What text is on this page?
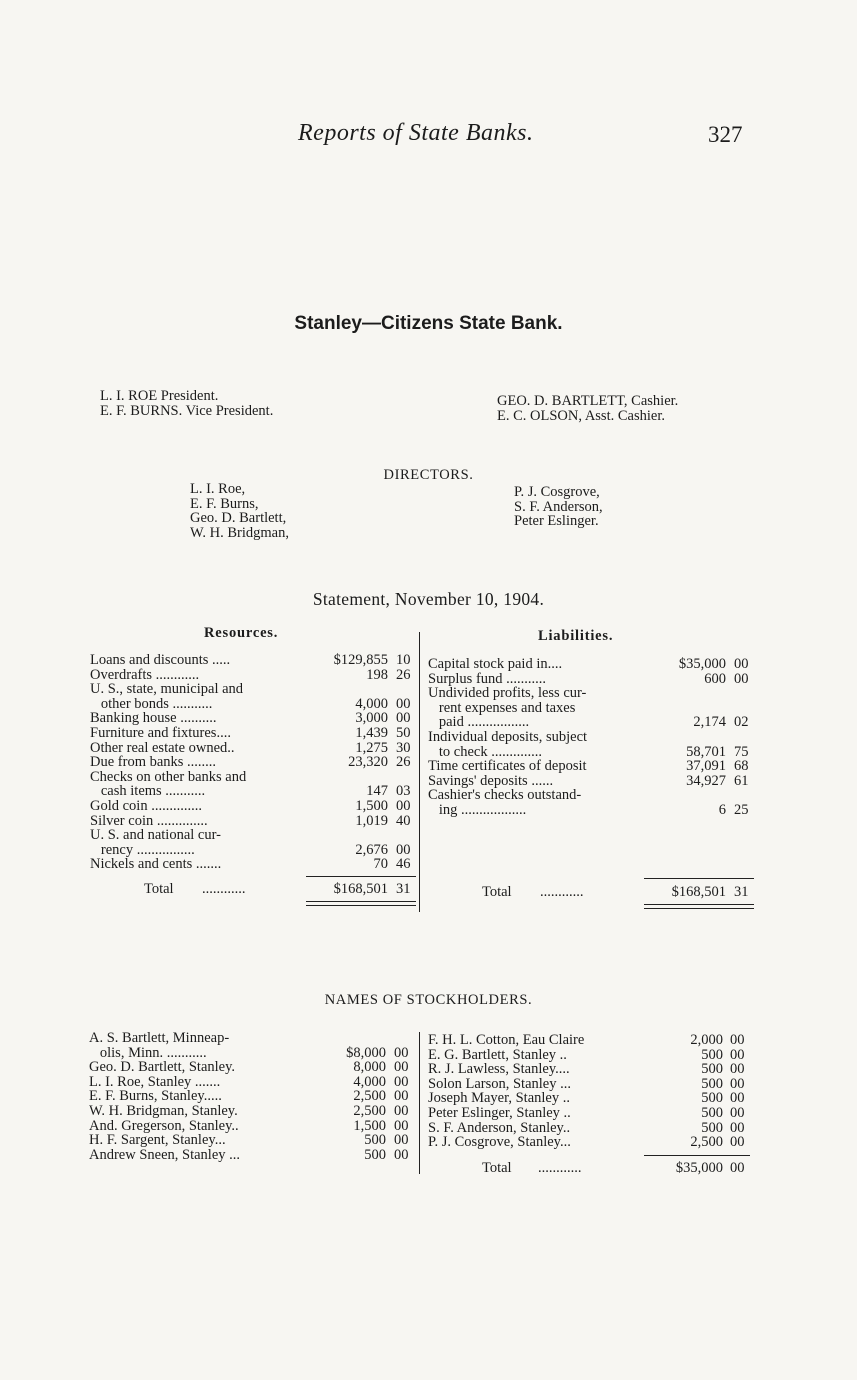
Reports of State Banks.	327
Stanley—Citizens State Bank.
L. I. ROE President.
E. F. BURNS. Vice President.
GEO. D. BARTLETT, Cashier.
E. C. OLSON, Asst. Cashier.
DIRECTORS.
L. I. Roe,
E. F. Burns,
Geo. D. Bartlett,
W. H. Bridgman,
P. J. Cosgrove,
S. F. Anderson,
Peter Eslinger.
Statement, November 10, 1904.
Resources.	Liabilities.
Loans and discounts .....	$129,855 10
Overdrafts ............	198 26
U. S., state, municipal and
other bonds ...........	4,000 00
Banking house ..........	3,000 00
Furniture and fixtures....	1,439 50
Other real estate owned..	1,275 30
Due from banks ........	23,320 26
Checks on other banks and
cash items ...........	147 03
Gold coin ..............	1,500 00
Silver coin ..............	1,019 40
U. S. and national cur-
rency ................	2,676 00
Nickels and cents .......	70 46
Capital stock paid in....	$35,000 00
Surplus fund ...........	600 00
Undivided profits, less cur-
rent expenses and taxes
paid .................	2,174 02
Individual deposits, subject
to check ..............	58,701 75
Time certificates of deposit	37,091 68
Savings' deposits ......	34,927 61
Cashier's checks outstand-
ing ..................	6 25
Total ............	$168,501 31	Total ............	$168,501 31
NAMES OF STOCKHOLDERS.
A. S. Bartlett, Minneap-
olis, Minn. ...........	$8,000 00
Geo. D. Bartlett, Stanley.	8,000 00
L. I. Roe, Stanley .......	4,000 00
E. F. Burns, Stanley.....	2,500 00
W. H. Bridgman, Stanley.	2,500 00
And. Gregerson, Stanley..	1,500 00
H. F. Sargent, Stanley...	500 00
Andrew Sneen, Stanley ...	500 00
F. H. L. Cotton, Eau Claire	2,000 00
E. G. Bartlett, Stanley ..	500 00
R. J. Lawless, Stanley....	500 00
Solon Larson, Stanley ...	500 00
Joseph Mayer, Stanley ..	500 00
Peter Eslinger, Stanley ..	500 00
S. F. Anderson, Stanley..	500 00
P. J. Cosgrove, Stanley...	2,500 00
Total ............	$35,000 00
